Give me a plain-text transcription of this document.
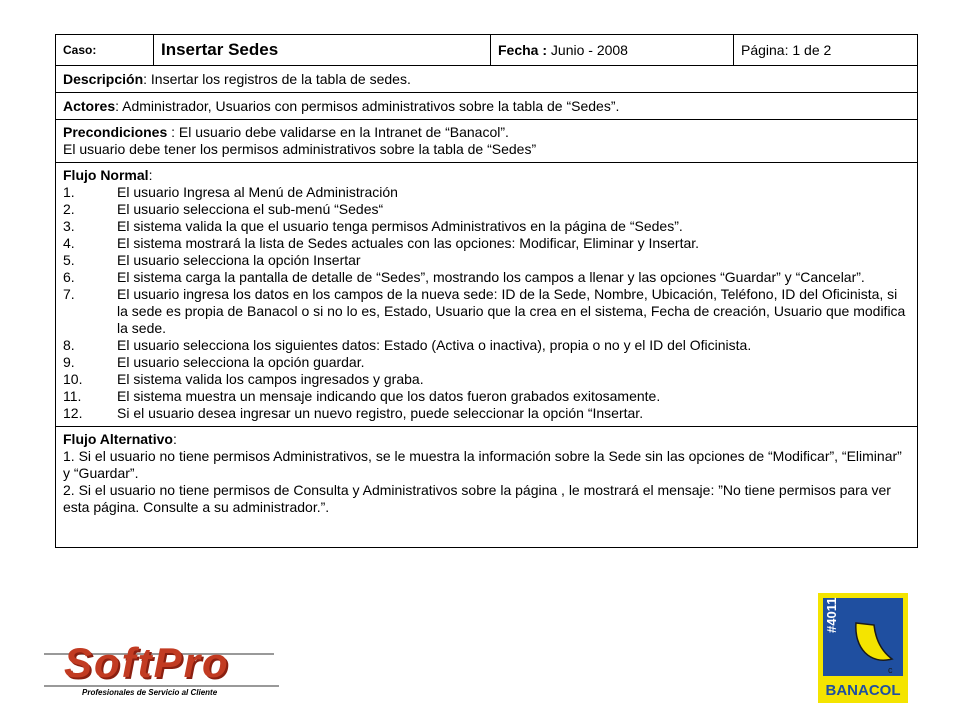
Caso:	Insertar Sedes	Fecha : Junio - 2008	Página: 1 de 2
Descripción: Insertar los registros de la tabla de sedes.
Actores: Administrador, Usuarios con permisos administrativos sobre la tabla de “Sedes”.

Precondiciones : El usuario debe validarse en la Intranet de “Banacol”.
El usuario debe tener los permisos administrativos sobre la tabla de “Sedes”

Flujo Normal:
1.	El usuario Ingresa al Menú de Administración
2.	El usuario selecciona el sub-menú “Sedes“
3.	El sistema valida la que el usuario tenga permisos Administrativos en la página de “Sedes”.
4.	El sistema mostrará la lista de Sedes actuales con las opciones: Modificar, Eliminar y Insertar.
5.	El usuario selecciona la opción Insertar
6.	El sistema carga la pantalla de detalle de “Sedes”, mostrando los campos a llenar y las opciones “Guardar” y “Cancelar”.
7.	El usuario ingresa los datos en los campos de la nueva sede: ID de la Sede, Nombre, Ubicación, Teléfono, ID del Oficinista, si la sede es propia de Banacol o si no lo es, Estado, Usuario que la crea en el sistema, Fecha de creación, Usuario que modifica la sede.
8.	El usuario selecciona los siguientes datos: Estado (Activa o inactiva), propia o no y el ID del Oficinista.
9.	El usuario selecciona la opción guardar.
10.	El sistema valida los campos ingresados y graba.
11.	El sistema muestra un mensaje indicando que los datos fueron grabados exitosamente.
12.	Si el usuario desea ingresar un nuevo registro, puede seleccionar la opción “Insertar.

Flujo Alternativo:

1. Si el usuario no tiene permisos Administrativos, se le muestra la información sobre la Sede sin las opciones de “Modificar”, “Eliminar” y “Guardar”.

2. Si el usuario no tiene permisos de Consulta y Administrativos sobre la página , le mostrará el mensaje: ”No tiene permisos para ver esta página. Consulte a su administrador.”.

SoftPro
Profesionales de Servicio al Cliente
#4011
c
BANACOL
